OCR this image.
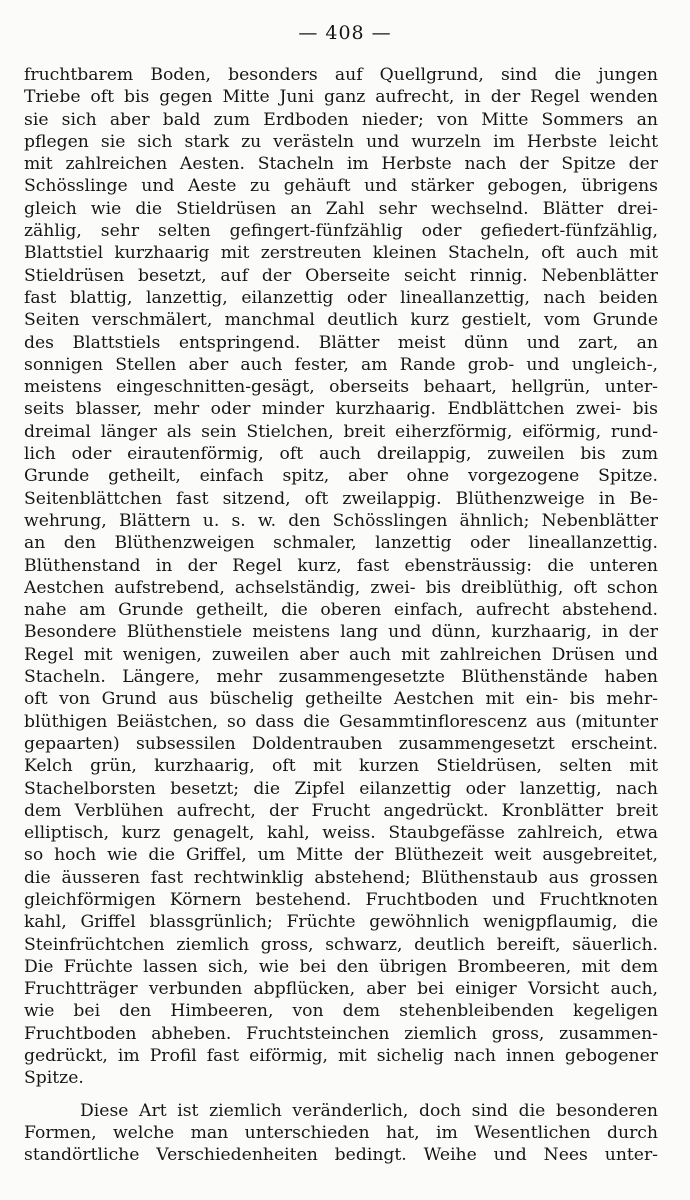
— 408 —
fruchtbarem Boden, besonders auf Quellgrund, sind die jungen
Triebe oft bis gegen Mitte Juni ganz aufrecht, in der Regel wenden
sie sich aber bald zum Erdboden nieder; von Mitte Sommers an
pflegen sie sich stark zu verästeln und wurzeln im Herbste leicht
mit zahlreichen Aesten. Stacheln im Herbste nach der Spitze der
Schösslinge und Aeste zu gehäuft und stärker gebogen, übrigens
gleich wie die Stieldrüsen an Zahl sehr wechselnd. Blätter drei-
zählig, sehr selten gefingert-fünfzählig oder gefiedert-fünfzählig,
Blattstiel kurzhaarig mit zerstreuten kleinen Stacheln, oft auch mit
Stieldrüsen besetzt, auf der Oberseite seicht rinnig. Nebenblätter
fast blattig, lanzettig, eilanzettig oder lineallanzettig, nach beiden
Seiten verschmälert, manchmal deutlich kurz gestielt, vom Grunde
des Blattstiels entspringend. Blätter meist dünn und zart, an
sonnigen Stellen aber auch fester, am Rande grob- und ungleich-,
meistens eingeschnitten-gesägt, oberseits behaart, hellgrün, unter-
seits blasser, mehr oder minder kurzhaarig. Endblättchen zwei- bis
dreimal länger als sein Stielchen, breit eiherzförmig, eiförmig, rund-
lich oder eirautenförmig, oft auch dreilappig, zuweilen bis zum
Grunde getheilt, einfach spitz, aber ohne vorgezogene Spitze.
Seitenblättchen fast sitzend, oft zweilappig. Blüthenzweige in Be-
wehrung, Blättern u. s. w. den Schösslingen ähnlich; Nebenblätter
an den Blüthenzweigen schmaler, lanzettig oder lineallanzettig.
Blüthenstand in der Regel kurz, fast ebensträussig: die unteren
Aestchen aufstrebend, achselständig, zwei- bis dreiblüthig, oft schon
nahe am Grunde getheilt, die oberen einfach, aufrecht abstehend.
Besondere Blüthenstiele meistens lang und dünn, kurzhaarig, in der
Regel mit wenigen, zuweilen aber auch mit zahlreichen Drüsen und
Stacheln. Längere, mehr zusammengesetzte Blüthenstände haben
oft von Grund aus büschelig getheilte Aestchen mit ein- bis mehr-
blüthigen Beiästchen, so dass die Gesammtinflorescenz aus (mitunter
gepaarten) subsessilen Doldentrauben zusammengesetzt erscheint.
Kelch grün, kurzhaarig, oft mit kurzen Stieldrüsen, selten mit
Stachelborsten besetzt; die Zipfel eilanzettig oder lanzettig, nach
dem Verblühen aufrecht, der Frucht angedrückt. Kronblätter breit
elliptisch, kurz genagelt, kahl, weiss. Staubgefässe zahlreich, etwa
so hoch wie die Griffel, um Mitte der Blüthezeit weit ausgebreitet,
die äusseren fast rechtwinklig abstehend; Blüthenstaub aus grossen
gleichförmigen Körnern bestehend. Fruchtboden und Fruchtknoten
kahl, Griffel blassgrünlich; Früchte gewöhnlich wenigpflaumig, die
Steinfrüchtchen ziemlich gross, schwarz, deutlich bereift, säuerlich.
Die Früchte lassen sich, wie bei den übrigen Brombeeren, mit dem
Fruchtträger verbunden abpflücken, aber bei einiger Vorsicht auch,
wie bei den Himbeeren, von dem stehenbleibenden kegeligen
Fruchtboden abheben. Fruchtsteinchen ziemlich gross, zusammen-
gedrückt, im Profil fast eiförmig, mit sichelig nach innen gebogener
Spitze.
Diese Art ist ziemlich veränderlich, doch sind die besonderen
Formen, welche man unterschieden hat, im Wesentlichen durch
standörtliche Verschiedenheiten bedingt. Weihe und Nees unter-
